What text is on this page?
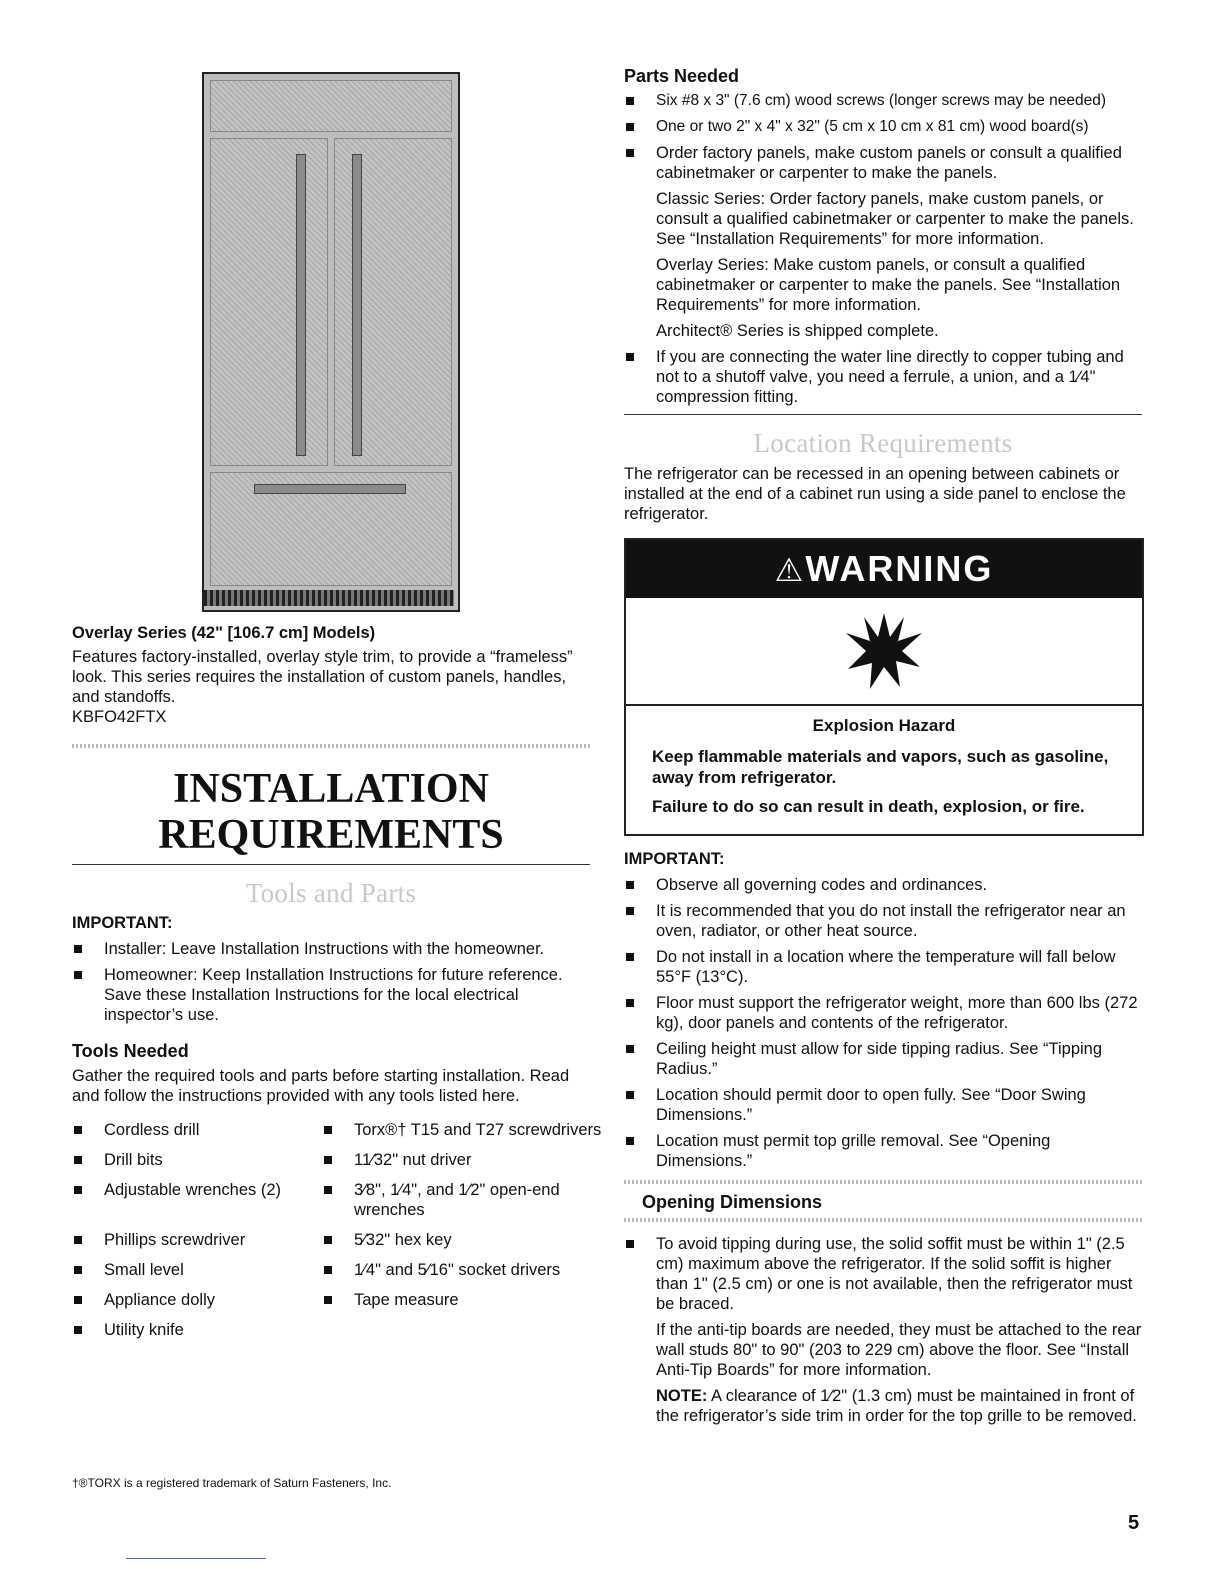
Overlay Series (42" [106.7 cm] Models)
Features factory-installed, overlay style trim, to provide a “frameless” look. This series requires the installation of custom panels, handles, and standoffs.
KBFO42FTX
INSTALLATION
REQUIREMENTS
Tools and Parts
IMPORTANT:
Installer: Leave Installation Instructions with the homeowner.
Homeowner: Keep Installation Instructions for future reference. Save these Installation Instructions for the local electrical inspector’s use.
Tools Needed
Gather the required tools and parts before starting installation. Read and follow the instructions provided with any tools listed here.
Cordless drill	Torx®† T15 and T27 screwdrivers
Drill bits	11⁄32" nut driver
Adjustable wrenches (2)	3⁄8", 1⁄4", and 1⁄2" open-end wrenches
Phillips screwdriver	5⁄32" hex key
Small level	1⁄4" and 5⁄16" socket drivers
Appliance dolly	Tape measure
Utility knife
†®TORX is a registered trademark of Saturn Fasteners, Inc.
Parts Needed
Six #8 x 3" (7.6 cm) wood screws (longer screws may be needed)
One or two 2" x 4" x 32" (5 cm x 10 cm x 81 cm) wood board(s)
Order factory panels, make custom panels or consult a qualified cabinetmaker or carpenter to make the panels.
Classic Series: Order factory panels, make custom panels, or consult a qualified cabinetmaker or carpenter to make the panels. See “Installation Requirements” for more information.
Overlay Series: Make custom panels, or consult a qualified cabinetmaker or carpenter to make the panels. See “Installation Requirements” for more information.
Architect® Series is shipped complete.
If you are connecting the water line directly to copper tubing and not to a shutoff valve, you need a ferrule, a union, and a 1⁄4" compression fitting.
Location Requirements
The refrigerator can be recessed in an opening between cabinets or installed at the end of a cabinet run using a side panel to enclose the refrigerator.
⚠WARNING
Explosion Hazard
Keep flammable materials and vapors, such as gasoline, away from refrigerator.
Failure to do so can result in death, explosion, or fire.
IMPORTANT:
Observe all governing codes and ordinances.
It is recommended that you do not install the refrigerator near an oven, radiator, or other heat source.
Do not install in a location where the temperature will fall below 55°F (13°C).
Floor must support the refrigerator weight, more than 600 lbs (272 kg), door panels and contents of the refrigerator.
Ceiling height must allow for side tipping radius. See “Tipping Radius.”
Location should permit door to open fully. See “Door Swing Dimensions.”
Location must permit top grille removal. See “Opening Dimensions.”
Opening Dimensions
To avoid tipping during use, the solid soffit must be within 1" (2.5 cm) maximum above the refrigerator. If the solid soffit is higher than 1" (2.5 cm) or one is not available, then the refrigerator must be braced.
If the anti-tip boards are needed, they must be attached to the rear wall studs 80" to 90" (203 to 229 cm) above the floor. See “Install Anti-Tip Boards” for more information.
NOTE: A clearance of 1⁄2" (1.3 cm) must be maintained in front of the refrigerator’s side trim in order for the top grille to be removed.
5
